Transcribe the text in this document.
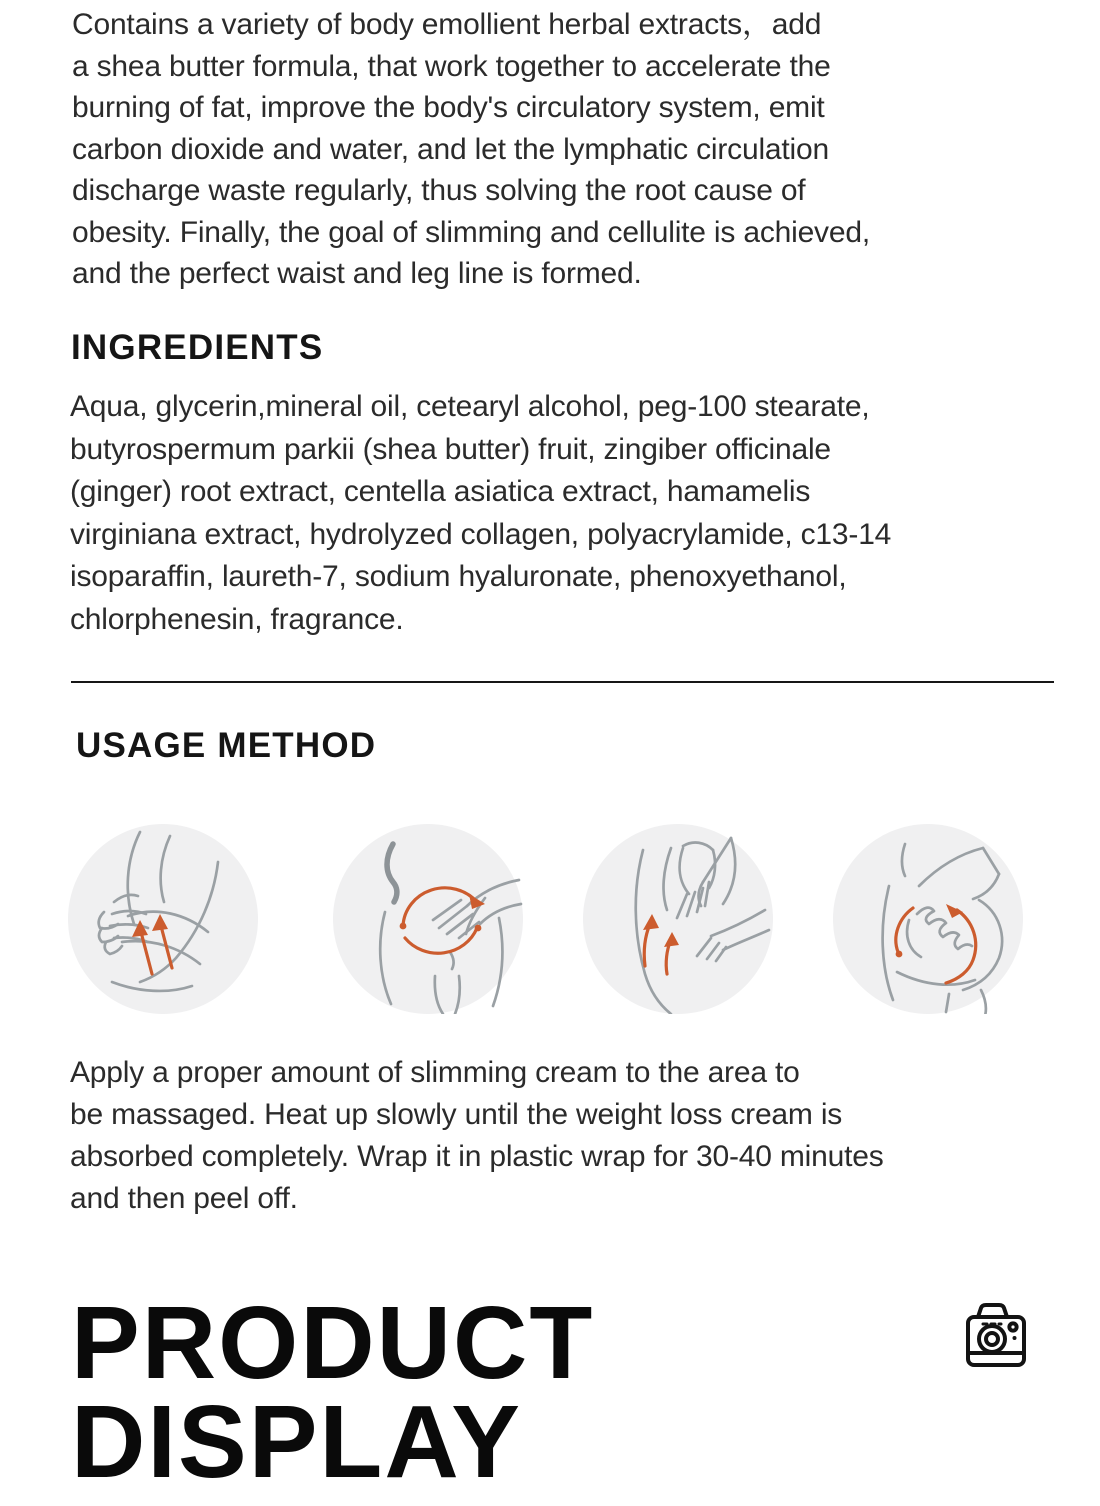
Contains a variety of body emollient herbal extracts，add

a shea butter formula, that work together to accelerate the

burning of fat, improve the body's circulatory system, emit

carbon dioxide and water, and let the lymphatic circulation

discharge waste regularly, thus solving the root cause of

obesity. Finally, the goal of slimming and cellulite is achieved,

and the perfect waist and leg line is formed.

INGREDIENTS

Aqua, glycerin,mineral oil, cetearyl alcohol, peg-100 stearate,

butyrospermum parkii (shea butter) fruit, zingiber officinale

(ginger) root extract, centella asiatica extract, hamamelis

virginiana extract, hydrolyzed collagen, polyacrylamide, c13-14

isoparaffin, laureth-7, sodium hyaluronate, phenoxyethanol,

chlorphenesin, fragrance.

USAGE METHOD

Apply a proper amount of slimming cream to the area to

be massaged. Heat up slowly until the weight loss cream is

absorbed completely. Wrap it in plastic wrap for 30-40 minutes

and then peel off.

PRODUCT
DISPLAY
